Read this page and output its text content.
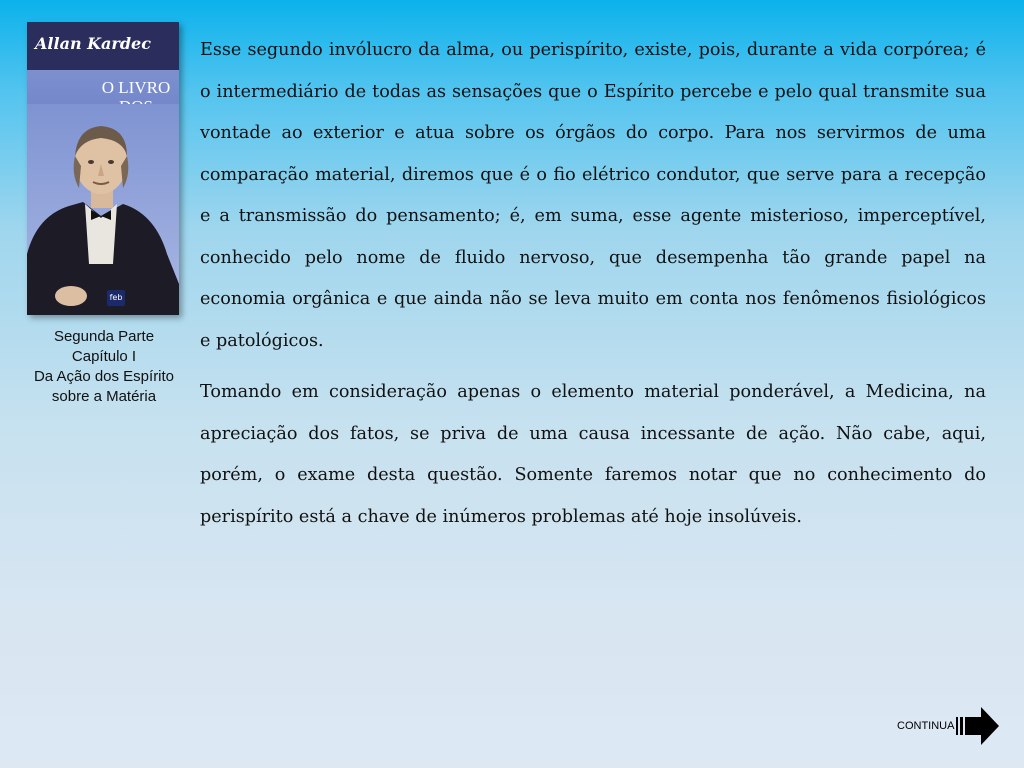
Allan Kardec
O LIVRO
feb
Segunda Parte
Capítulo I
Da Ação dos Espírito
sobre a Matéria

Esse segundo invólucro da alma, ou perispírito, existe, pois, durante a vida corpórea; é o intermediário de todas as sensações que o Espírito percebe e pelo qual transmite sua vontade ao exterior e atua sobre os órgãos do corpo. Para nos servirmos de uma comparação material, diremos que é o fio elétrico condutor, que serve para a recepção e a transmissão do pensamento; é, em suma, esse agente misterioso, imperceptível, conhecido pelo nome de fluido nervoso, que desempenha tão grande papel na economia orgânica e que ainda não se leva muito em conta nos fenômenos fisiológicos e patológicos.

Tomando em consideração apenas o elemento material ponderável, a Medicina, na apreciação dos fatos, se priva de uma causa incessante de ação. Não cabe, aqui, porém, o exame desta questão. Somente faremos notar que no conhecimento do perispírito está a chave de inúmeros problemas até hoje insolúveis.

CONTINUA
